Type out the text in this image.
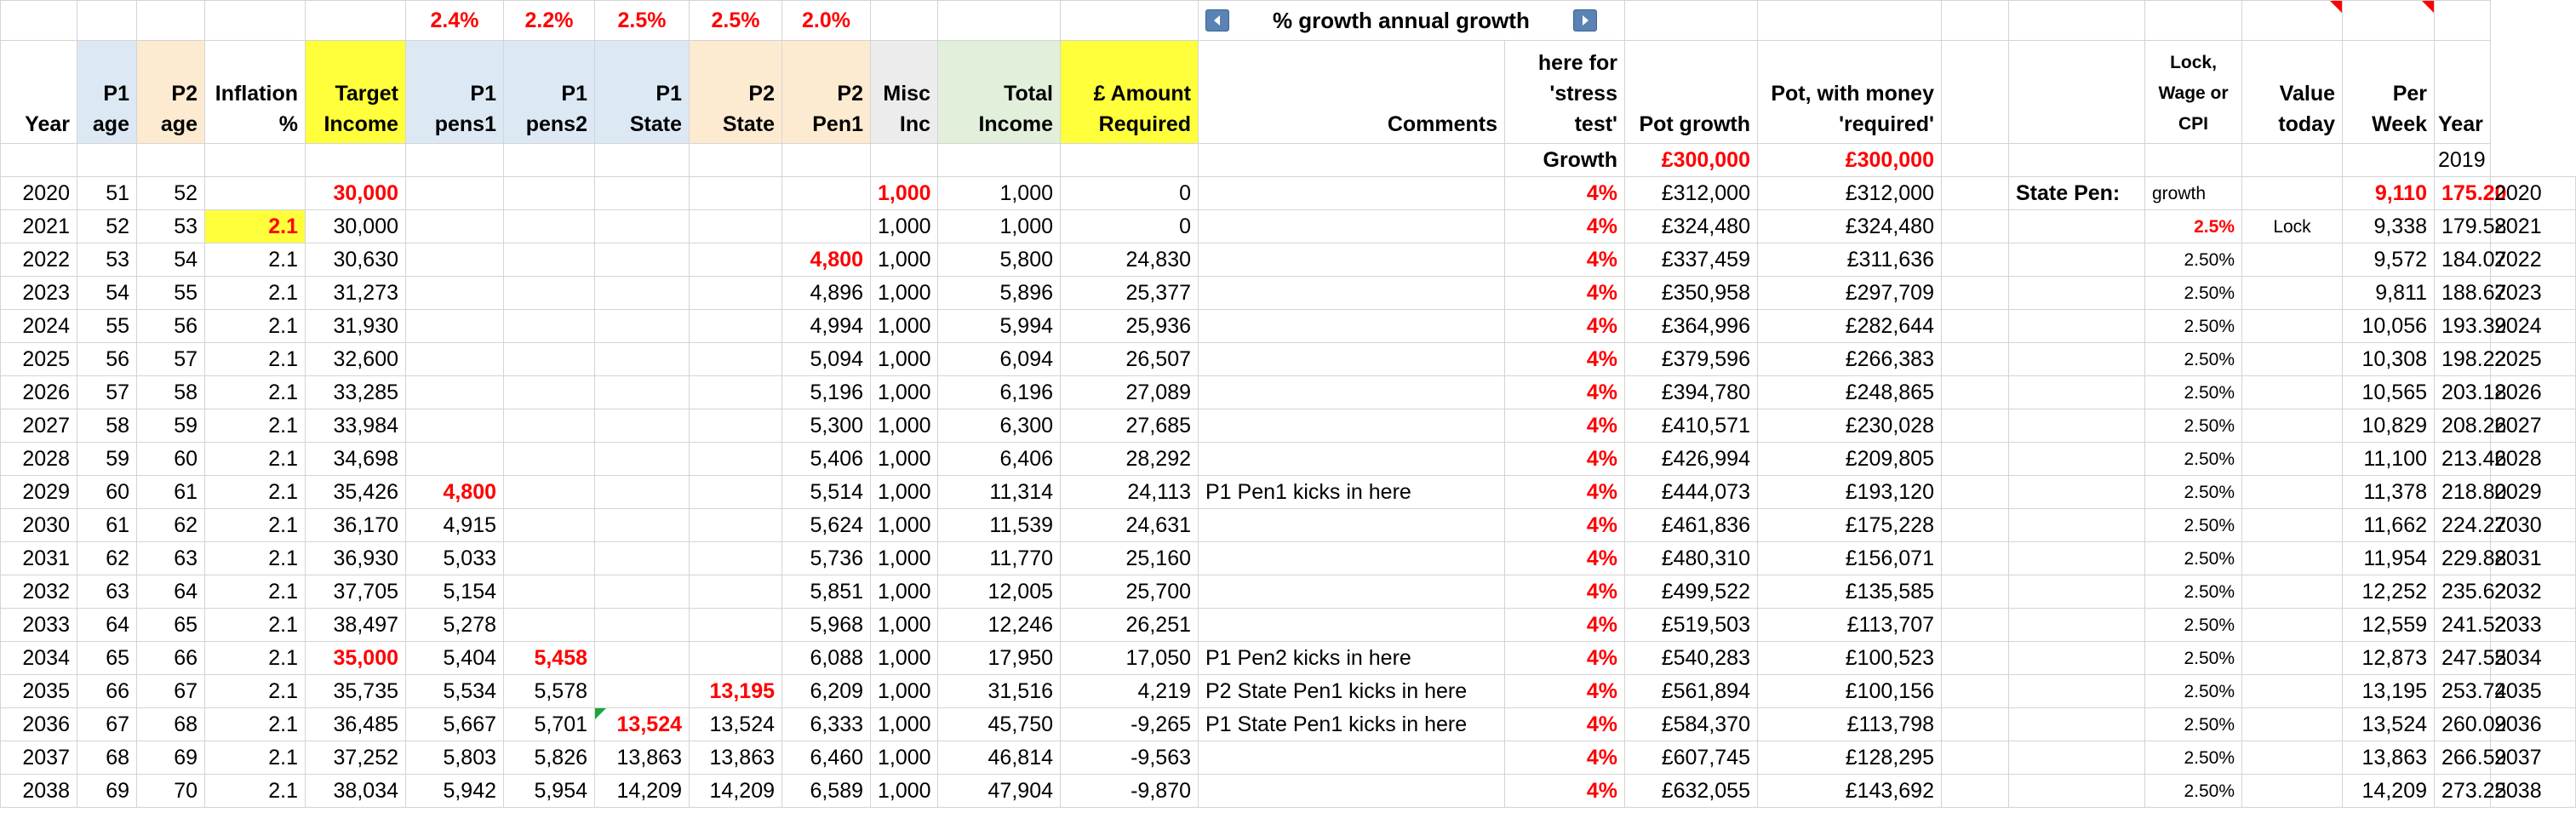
					2.4%	2.2%	2.5%	2.5%	2.0%				% growth annual growth		

Year	P1 age	P2 age	Inflation %	Target Income	P1 pens1	P1 pens2	P1 State	P2 State	P2 Pen1	Misc Inc	Total Income	£ Amount Required	Comments	here for 'stress test'	Pot growth	Pot, with money 'required'			Lock, Wage or CPI	Value today	Per Week	Year	
														Growth	£300,000	£300,000						2019	
2020	51	52		30,000						1,000	1,000	0		4%	£312,000	£312,000		State Pen:	growth		9,110	175.20	2020
2021	52	53	2.1	30,000						1,000	1,000	0		4%	£324,480	£324,480			2.5%	Lock	9,338	179.58	2021
2022	53	54	2.1	30,630					4,800	1,000	5,800	24,830		4%	£337,459	£311,636			2.50%		9,572	184.07	2022
2023	54	55	2.1	31,273					4,896	1,000	5,896	25,377		4%	£350,958	£297,709			2.50%		9,811	188.67	2023
2024	55	56	2.1	31,930					4,994	1,000	5,994	25,936		4%	£364,996	£282,644			2.50%		10,056	193.39	2024
2025	56	57	2.1	32,600					5,094	1,000	6,094	26,507		4%	£379,596	£266,383			2.50%		10,308	198.22	2025
2026	57	58	2.1	33,285					5,196	1,000	6,196	27,089		4%	£394,780	£248,865			2.50%		10,565	203.18	2026
2027	58	59	2.1	33,984					5,300	1,000	6,300	27,685		4%	£410,571	£230,028			2.50%		10,829	208.26	2027
2028	59	60	2.1	34,698					5,406	1,000	6,406	28,292		4%	£426,994	£209,805			2.50%		11,100	213.46	2028
2029	60	61	2.1	35,426	4,800				5,514	1,000	11,314	24,113	P1 Pen1 kicks in here	4%	£444,073	£193,120			2.50%		11,378	218.80	2029
2030	61	62	2.1	36,170	4,915				5,624	1,000	11,539	24,631		4%	£461,836	£175,228			2.50%		11,662	224.27	2030
2031	62	63	2.1	36,930	5,033				5,736	1,000	11,770	25,160		4%	£480,310	£156,071			2.50%		11,954	229.88	2031
2032	63	64	2.1	37,705	5,154				5,851	1,000	12,005	25,700		4%	£499,522	£135,585			2.50%		12,252	235.62	2032
2033	64	65	2.1	38,497	5,278				5,968	1,000	12,246	26,251		4%	£519,503	£113,707			2.50%		12,559	241.52	2033
2034	65	66	2.1	35,000	5,404	5,458			6,088	1,000	17,950	17,050	P1 Pen2 kicks in here	4%	£540,283	£100,523			2.50%		12,873	247.55	2034
2035	66	67	2.1	35,735	5,534	5,578		13,195	6,209	1,000	31,516	4,219	P2 State Pen1 kicks in here	4%	£561,894	£100,156			2.50%		13,195	253.74	2035
2036	67	68	2.1	36,485	5,667	5,701	13,524	13,524	6,333	1,000	45,750	-9,265	P1 State Pen1 kicks in here	4%	£584,370	£113,798			2.50%		13,524	260.09	2036
2037	68	69	2.1	37,252	5,803	5,826	13,863	13,863	6,460	1,000	46,814	-9,563		4%	£607,745	£128,295			2.50%		13,863	266.59	2037
2038	69	70	2.1	38,034	5,942	5,954	14,209	14,209	6,589	1,000	47,904	-9,870		4%	£632,055	£143,692			2.50%		14,209	273.25	2038
